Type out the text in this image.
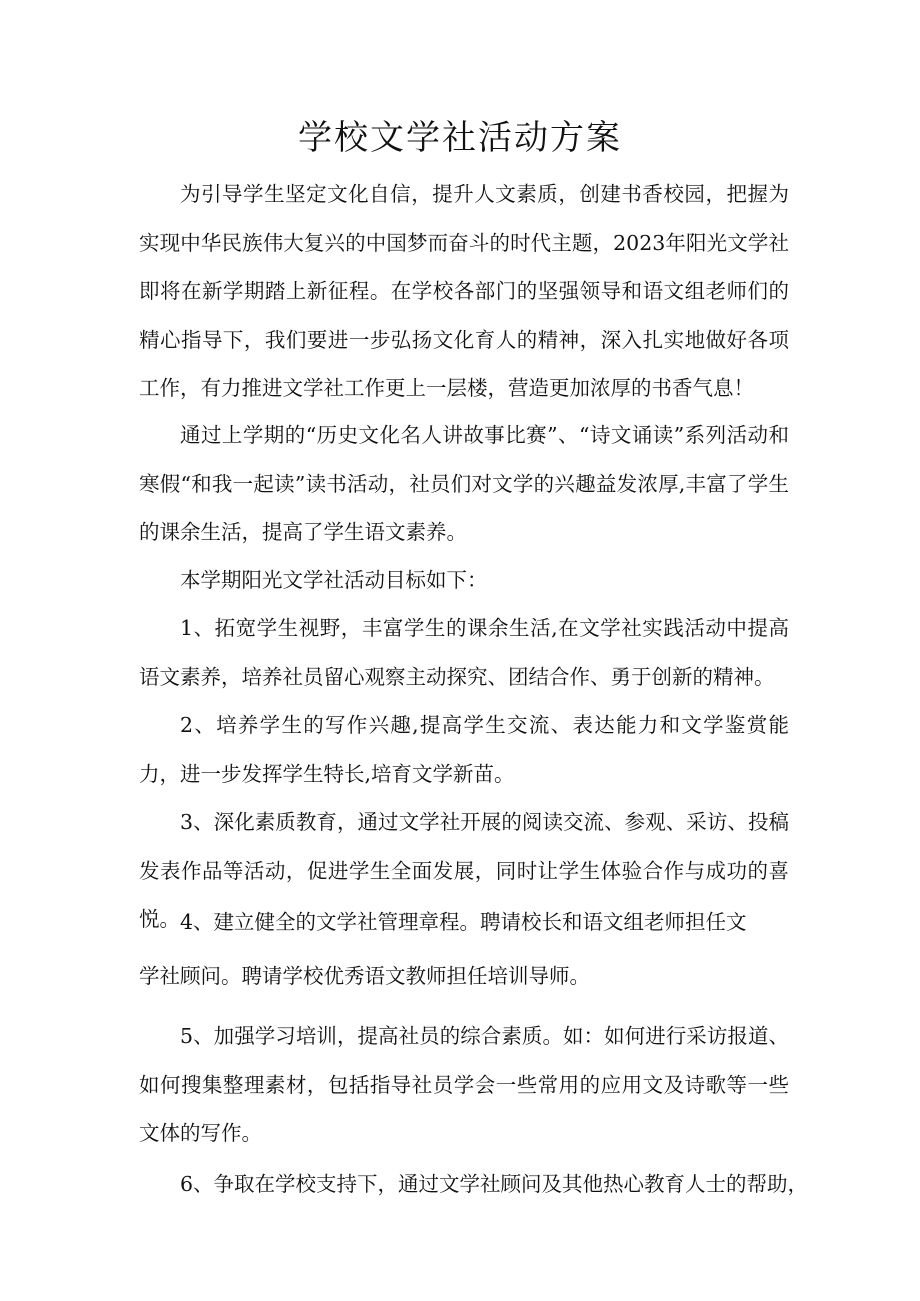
学校文学社活动方案

为引导学生坚定文化自信，提升人文素质，创建书香校园，把握为实现中华民族伟大复兴的中国梦而奋斗的时代主题，2023年阳光文学社即将在新学期踏上新征程。在学校各部门的坚强领导和语文组老师们的精心指导下，我们要进一步弘扬文化育人的精神，深入扎实地做好各项工作，有力推进文学社工作更上一层楼，营造更加浓厚的书香气息！

通过上学期的“历史文化名人讲故事比赛”、“诗文诵读”系列活动和寒假“和我一起读”读书活动，社员们对文学的兴趣益发浓厚,丰富了学生的课余生活，提高了学生语文素养。

本学期阳光文学社活动目标如下：

1、拓宽学生视野，丰富学生的课余生活,在文学社实践活动中提高语文素养，培养社员留心观察主动探究、团结合作、勇于创新的精神。

2、培养学生的写作兴趣,提高学生交流、表达能力和文学鉴赏能力，进一步发挥学生特长,培育文学新苗。

3、深化素质教育，通过文学社开展的阅读交流、参观、采访、投稿发表作品等活动，促进学生全面发展，同时让学生体验合作与成功的喜悦。 4、建立健全的文学社管理章程。聘请校长和语文组老师担任文
学社顾问。聘请学校优秀语文教师担任培训导师。

5、加强学习培训，提高社员的综合素质。如：如何进行采访报道、如何搜集整理素材，包括指导社员学会一些常用的应用文及诗歌等一些文体的写作。

6、争取在学校支持下，通过文学社顾问及其他热心教育人士的帮助，
